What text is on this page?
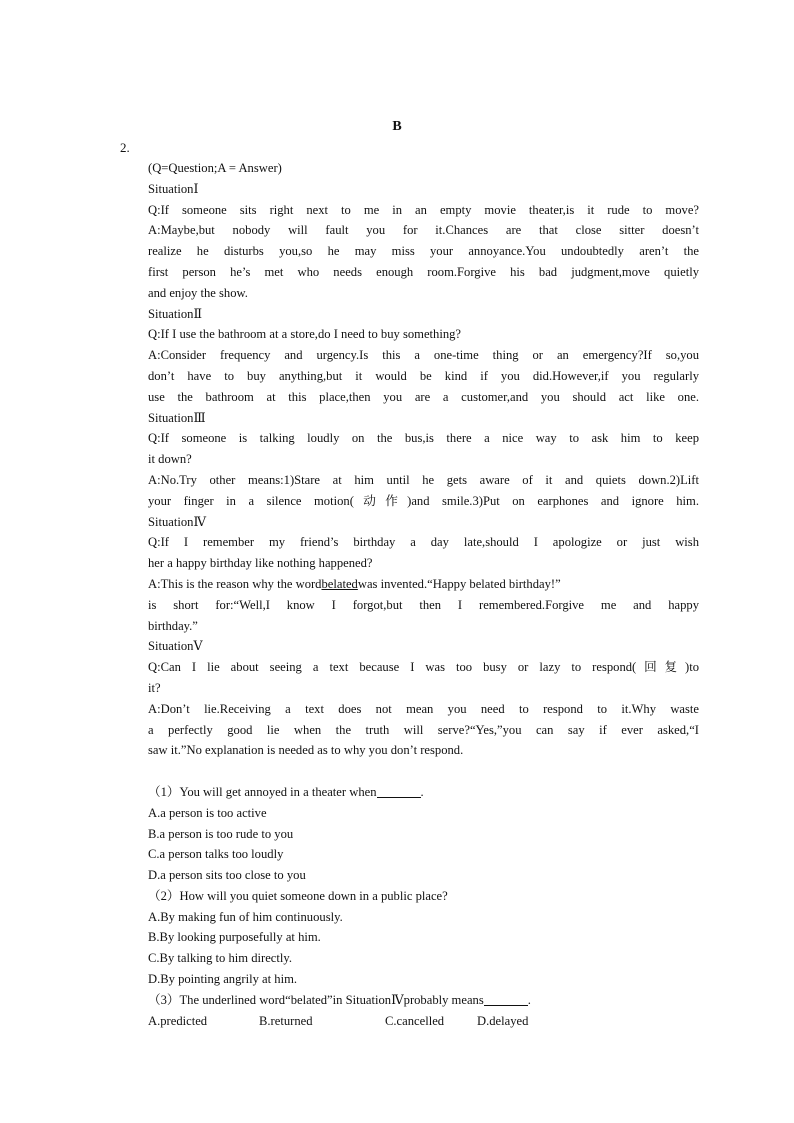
B
2.
(Q=Question;A = Answer)
SituationⅠ
Q:If someone sits right next to me in an empty movie theater,is it rude to move?
A:Maybe,but nobody will fault you for it.Chances are that close sitter doesn’t
realize he disturbs you,so he may miss your annoyance.You undoubtedly aren’t the
first person he’s met who needs enough room.Forgive his bad judgment,move quietly
and enjoy the show.
SituationⅡ
Q:If I use the bathroom at a store,do I need to buy something?
A:Consider frequency and urgency.Is this a one-time thing or an emergency?If so,you
don’t have to buy anything,but it would be kind if you did.However,if you regularly
use the bathroom at this place,then you are a customer,and you should act like one.
SituationⅢ
Q:If someone is talking loudly on the bus,is there a nice way to ask him to keep
it down?
A:No.Try other means:1)Stare at him until he gets aware of it and quiets down.2)Lift
your finger in a silence motion(动作)and smile.3)Put on earphones and ignore him.
SituationⅣ
Q:If I remember my friend’s birthday a day late,should I apologize or just wish
her a happy birthday like nothing happened?
A:This is the reason why the wordbelatedwas invented.“Happy belated birthday!”
is short for:“Well,I know I forgot,but then I remembered.Forgive me and happy
birthday.”
SituationⅤ
Q:Can I lie about seeing a text because I was too busy or lazy to respond(回复)to
it?
A:Don’t lie.Receiving a text does not mean you need to respond to it.Why waste
a perfectly good lie when the truth will serve?“Yes,”you can say if ever asked,“I
saw it.”No explanation is needed as to why you don’t respond.
（1）You will get annoyed in a theater when	.
A.a person is too active
B.a person is too rude to you
C.a person talks too loudly
D.a person sits too close to you
（2）How will you quiet someone down in a public place?
A.By making fun of him continuously.
B.By looking purposefully at him.
C.By talking to him directly.
D.By pointing angrily at him.
（3）The underlined word“belated”in SituationⅣprobably means	.
A.predicted	B.returned	C.cancelled	D.delayed
